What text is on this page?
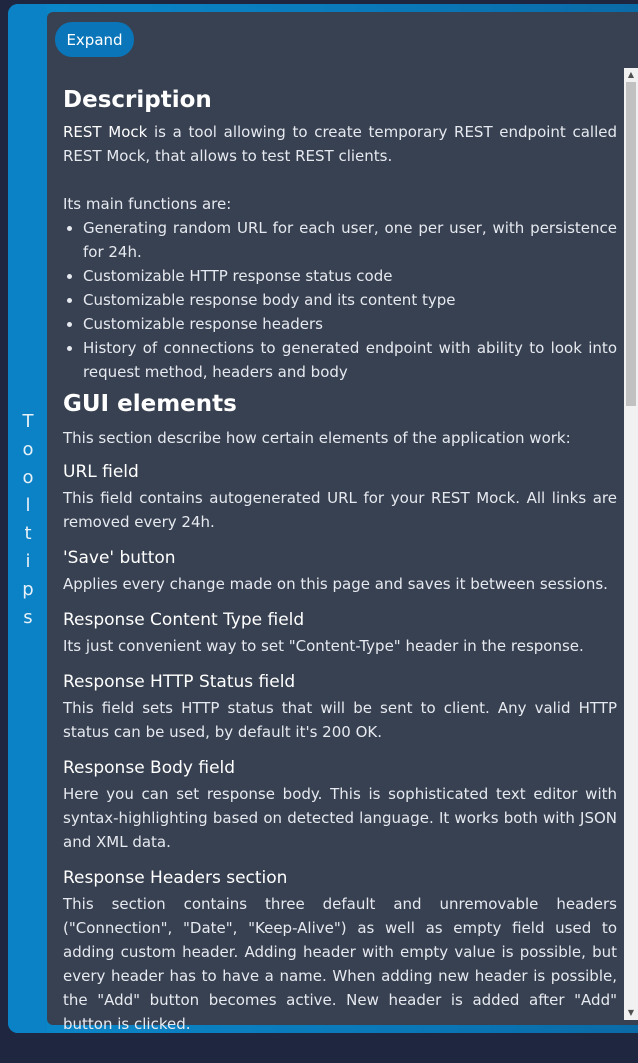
T
o
o
l
t
i
p
s
Expand
▲
▼
Description

REST Mock is a tool allowing to create temporary REST endpoint called REST Mock, that allows to test REST clients.

Its main functions are:

• Generating random URL for each user, one per user, with persistence for 24h.
• Customizable HTTP response status code
• Customizable response body and its content type
• Customizable response headers
• History of connections to generated endpoint with ability to look into request method, headers and body
GUI elements

This section describe how certain elements of the application work:

URL field

This field contains autogenerated URL for your REST Mock. All links are removed every 24h.

'Save' button

Applies every change made on this page and saves it between sessions.

Response Content Type field

Its just convenient way to set "Content-Type" header in the response.

Response HTTP Status field

This field sets HTTP status that will be sent to client. Any valid HTTP status can be used, by default it's 200 OK.

Response Body field

Here you can set response body. This is sophisticated text editor with syntax-highlighting based on detected language. It works both with JSON and XML data.

Response Headers section

This section contains three default and unremovable headers ("Connection", "Date", "Keep-Alive") as well as empty field used to adding custom header. Adding header with empty value is possible, but every header has to have a name. When adding new header is possible, the "Add" button becomes active. New header is added after "Add" button is clicked.
